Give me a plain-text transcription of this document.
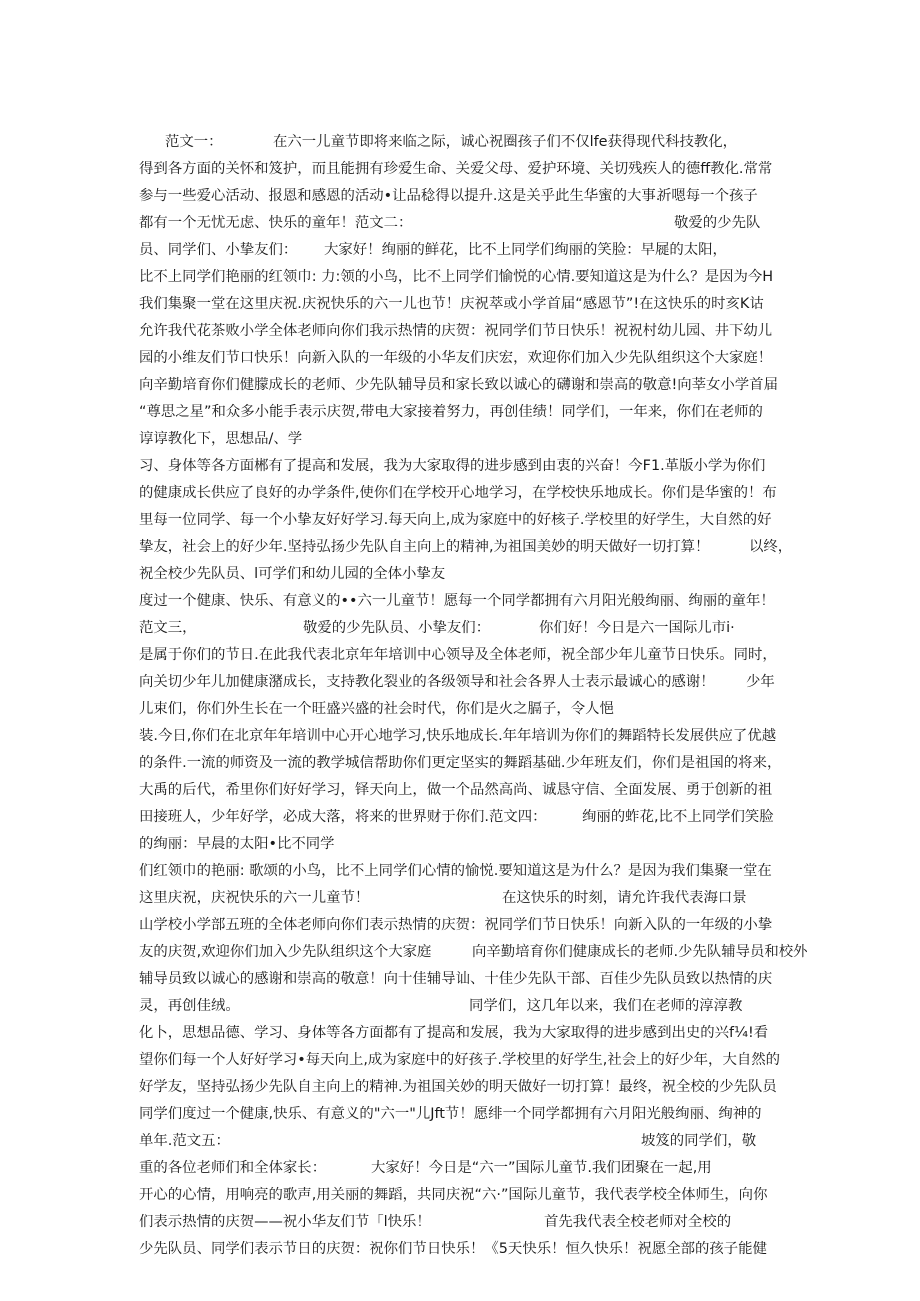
范文一：	在六一儿童节即将来临之际，诚心祝圈孩子们不仅lfe获得现代科技教化，
得到各方面的关怀和笈护，而且能拥有珍爱生命、关爱父母、爱护环境、关切残疾人的德ff教化.常常
参与一些爱心活动、报恩和感恩的活动•让品稔得以提升.这是关乎此生华蜜的大事.祈嗯每一个孩子
都有一个无忧无虑、快乐的童年！范文二：	敬爱的少先队
员、同学们、小挚友们： 大家好！绚丽的鲜花，比不上同学们绚丽的笑脸：早屣的太阳，
比不上同学们艳丽的红领巾: 力:领的小鸟，比不上同学们愉悦的心情.要知道这是为什么？是因为今H
我们集聚一堂在这里庆祝.庆祝快乐的六一儿也节！庆祝萃或小学首届“感恩节”!在这快乐的时亥K诂
允许我代花茶败小学全体老师向你们我示热情的庆贺：祝同学们节日快乐！祝祝村幼儿园、井下幼儿
园的小维友们节口快乐！向新入队的一年级的小华友们庆宏，欢迎你们加入少先队组织这个大家庭！
向辛勤培育你们健朦成长的老师、少先队辅导员和家长致以诚心的礴谢和崇高的敬意!向莘女小学首届
“尊思之星”和众多小能手表示庆贺,带电大家接着努力，再创佳绩！同学们，一年来，你们在老师的
谆谆教化下，思想品/、学
习、身体等各方面郴有了提高和发展，我为大家取得的进步感到由衷的兴奋！今F1.革版小学为你们
的健康成长供应了良好的办学条件,使你们在学校开心地学习，在学校快乐地成长。你们是华蜜的！布
里每一位同学、每一个小挚友好好学习.每天向上,成为家庭中的好核子.学校里的好学生，大自然的好
挚友，社会上的好少年.坚持弘扬少先队自主向上的精神,为祖国美妙的明天做好一切打算！	以终，
祝全校少先队员、l可学们和幼儿园的全体小挚友
度过一个健康、快乐、有意义的••六一儿童节！愿每一个同学都拥有六月阳光般绚丽、绚丽的童年！
范文三，	敬爱的少先队员、小挚友们：	你们好！今日是六一国际儿市i·
是属于你们的节日.在此我代表北京年年培训中心领导及全体老师，祝全部少年儿童节日快乐。同时，
向关切少年儿加健康潴成长，支持教化裂业的各级领导和社会各界人士表示最诚心的感谢！ 少年
儿束们，你们外生长在一个旺盛兴盛的社会时代，你们是火之膈子，令人悒
装.今日,你们在北京年年培训中心开心地学习,快乐地成长.年年培训为你们的舞蹈特长发展供应了优越
的条件.一流的师资及一流的教学城信帮助你们更定坚实的舞蹈基础.少年班友们，你们是祖国的将来，
大禹的后代，希里你们好好学习，铎天向上，做一个品然高尚、诚恳守信、全面发展、勇于创新的祖
田接班人，少年好学，必成大落，将来的世界财于你们.范文四： 绚丽的蚱花,比不上同学们笑脸
的绚丽：早晨的太阳•比不同学
们红领巾的艳丽: 歌颂的小鸟，比不上同学们心情的愉悦.要知道这是为什么？是因为我们集聚一堂在
这里庆祝，庆祝快乐的六一儿童节！	在这快乐的时刻，请允许我代表海口景
山学校小学部五班的全体老师向你们表示热情的庆贺：祝同学们节日快乐！向新入队的一年级的小挚
友的庆贺,欢迎你们加入少先队组织这个大家庭	向辛勤培育你们健康成长的老师.少先队辅导员和校外
辅导员致以诚心的感谢和崇高的敬意！向十佳辅导讪、十佳少先队干部、百佳少先队员致以热情的庆
灵，再创佳绒。	同学们，这几年以来，我们在老师的淳淳教
化卜，思想品德、学习、身体等各方面都有了提高和发展，我为大家取得的进步感到出史的兴f¼!看
望你们每一个人好好学习•每天向上,成为家庭中的好孩子.学校里的好学生,社会上的好少年，大自然的
好学友，坚持弘扬少先队自主向上的精神.为祖国关妙的明天做好一切打算！最终，祝全校的少先队员
同学们度过一个健康,快乐、有意义的"六一"儿Jft节！愿绯一个同学都拥有六月阳光般绚丽、绚神的
单年.范文五：	坡笈的同学们，敬
重的各位老师们和全体家长：	大家好！今日是“六一”国际儿童节.我们团聚在一起,用
开心的心情，用响亮的歌声,用关丽的舞蹈，共同庆祝“六·”国际儿童节，我代表学校全体师生，向你
们表示热情的庆贺——祝小华友们节「l快乐！	首先我代表全校老师对全校的
少先队员、同学们表示节日的庆贺：祝你们节日快乐！《5天快乐！恒久快乐！祝愿全部的孩子能健
